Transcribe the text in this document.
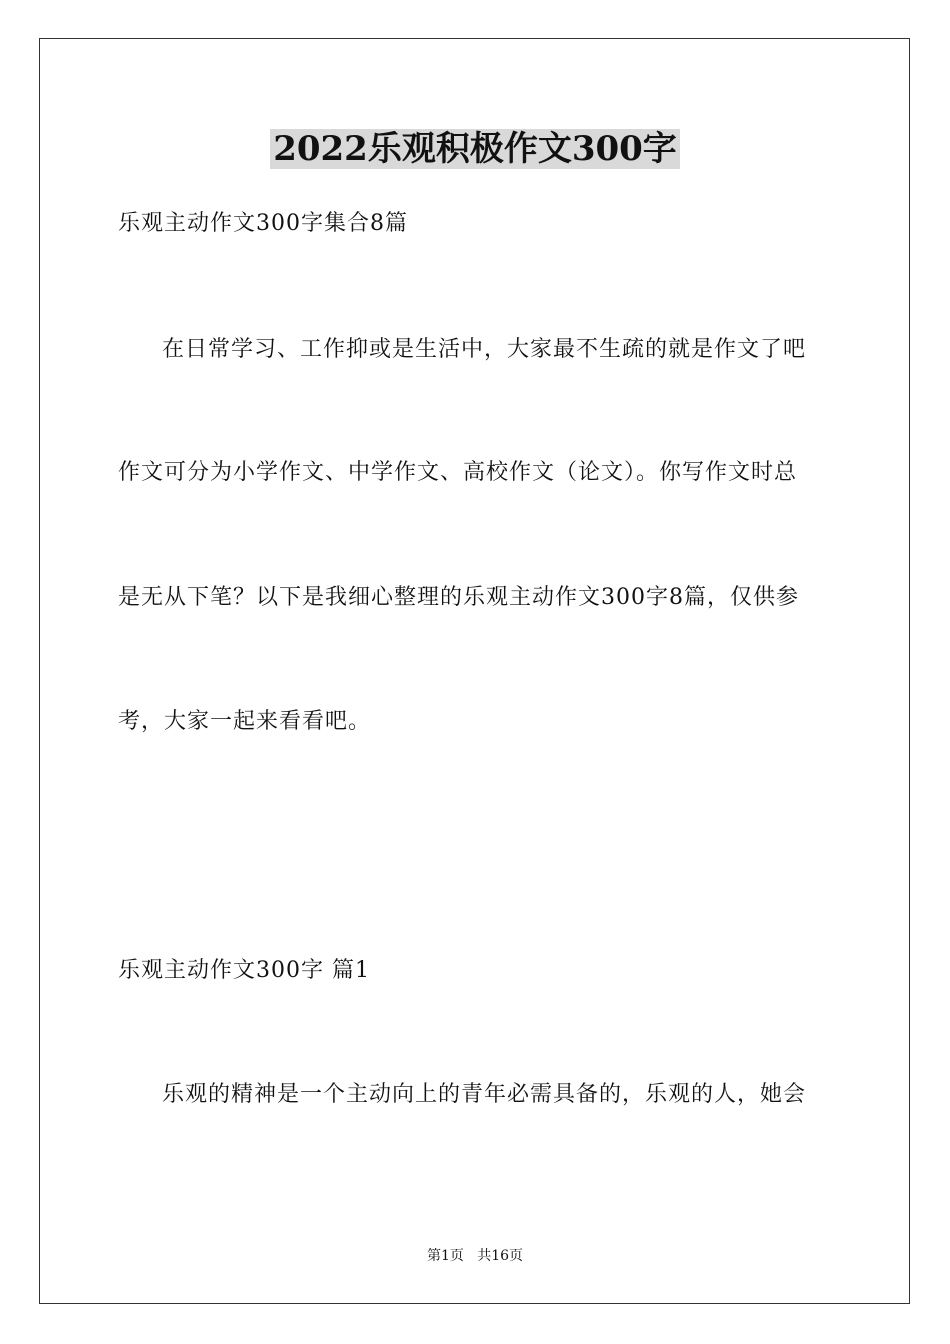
2022乐观积极作文300字
乐观主动作文300字集合8篇
在日常学习、工作抑或是生活中，大家最不生疏的就是作文了吧
作文可分为小学作文、中学作文、高校作文（论文）。你写作文时总
是无从下笔？以下是我细心整理的乐观主动作文300字8篇，仅供参
考，大家一起来看看吧。
乐观主动作文300字 篇1
乐观的精神是一个主动向上的青年必需具备的，乐观的人，她会
第1页   共16页
